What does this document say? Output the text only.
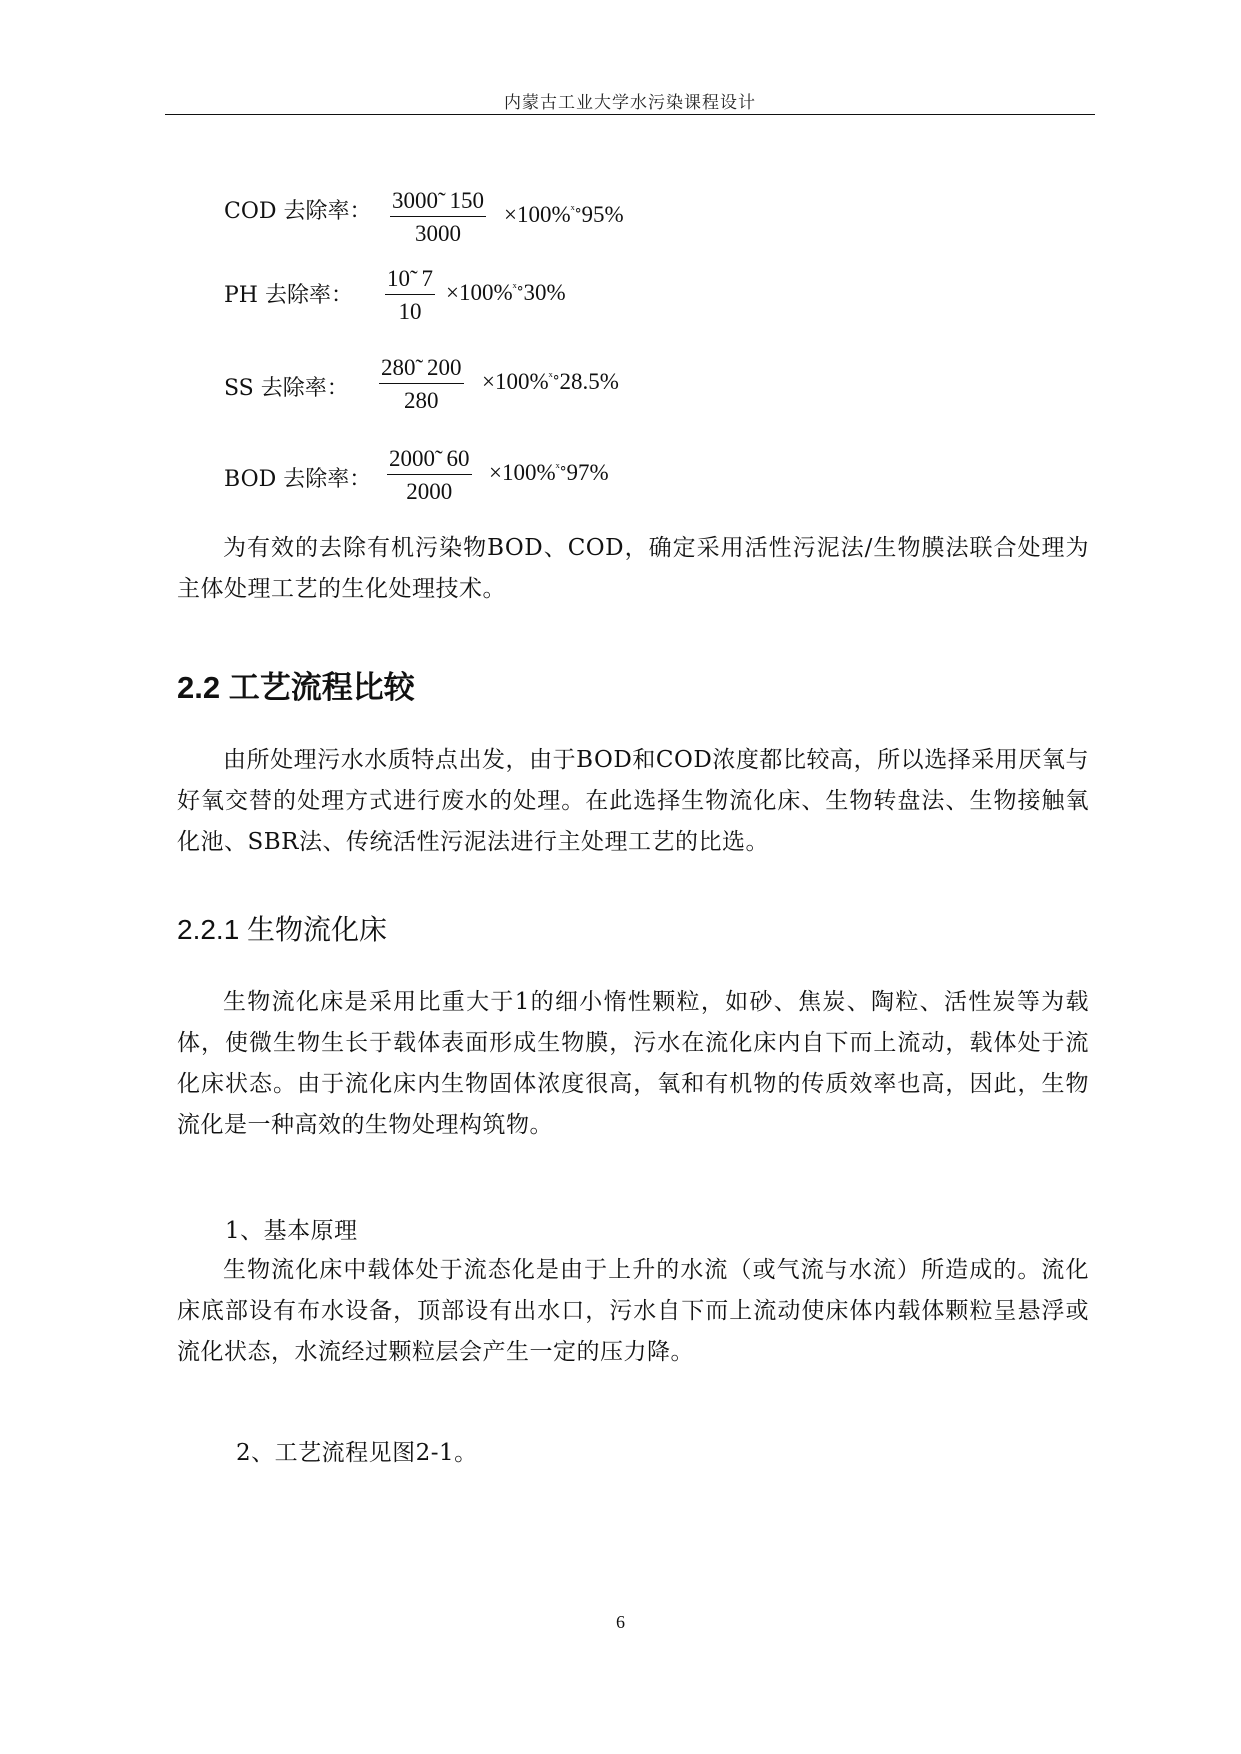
内蒙古工业大学水污染课程设计
COD 去除率： $\frac{3000̃ 150}{3000} \times 100\%^{ˣ\circ}95\%$
PH 去除率： $\frac{10̃ 7}{10} \times 100\%^{ˣ\circ}30\%$
SS 去除率： $\frac{280̃ 200}{280} \times 100\%^{ˣ\circ}28.5\%$
BOD 去除率： $\frac{2000̃ 60}{2000} \times 100\%^{ˣ\circ}97\%$

为有效的去除有机污染物BOD、COD，确定采用活性污泥法/生物膜法联合处理为主体处理工艺的生化处理技术。

2.2 工艺流程比较

由所处理污水水质特点出发，由于BOD和COD浓度都比较高，所以选择采用厌氧与好氧交替的处理方式进行废水的处理。在此选择生物流化床、生物转盘法、生物接触氧化池、SBR法、传统活性污泥法进行主处理工艺的比选。

2.2.1 生物流化床

生物流化床是采用比重大于1的细小惰性颗粒，如砂、焦炭、陶粒、活性炭等为载体，使微生物生长于载体表面形成生物膜，污水在流化床内自下而上流动，载体处于流化床状态。由于流化床内生物固体浓度很高，氧和有机物的传质效率也高，因此，生物流化是一种高效的生物处理构筑物。

1、基本原理

生物流化床中载体处于流态化是由于上升的水流（或气流与水流）所造成的。流化床底部设有布水设备，顶部设有出水口，污水自下而上流动使床体内载体颗粒呈悬浮或流化状态，水流经过颗粒层会产生一定的压力降。

2、工艺流程见图2-1。
6
